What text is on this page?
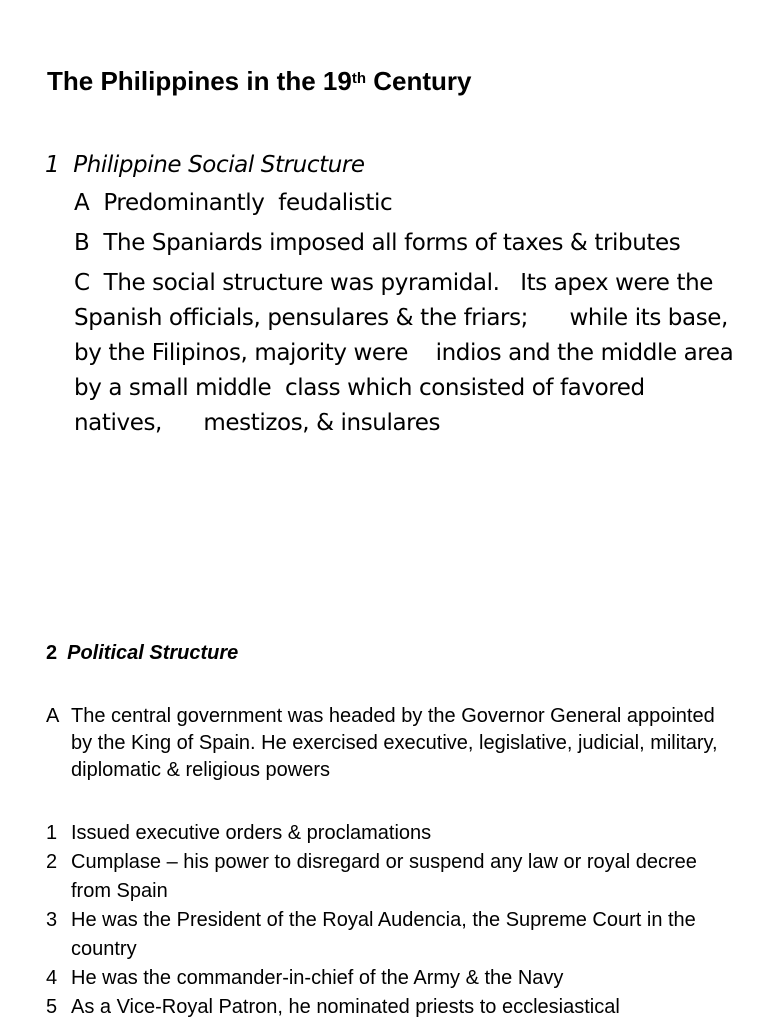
The Philippines in the 19th Century
1 Philippine Social Structure
A Predominantly  feudalistic
B The Spaniards imposed all forms of taxes & tributes
C The social structure was pyramidal.   Its apex were the Spanish officials, pensulares & the friars;      while its base, by the Filipinos, majority were    indios and the middle area by a small middle  class which consisted of favored natives,      mestizos, & insulares
2 Political Structure
A The central government was headed by the Governor General appointed by the King of Spain. He exercised executive, legislative, judicial, military, diplomatic & religious powers
1 Issued executive orders & proclamations
2 Cumplase – his power to disregard or suspend any law or royal decree from Spain
3 He was the President of the Royal Audencia, the Supreme Court in the country
4 He was the commander-in-chief of the Army & the Navy
5 As a Vice-Royal Patron, he nominated priests to ecclesiastical
